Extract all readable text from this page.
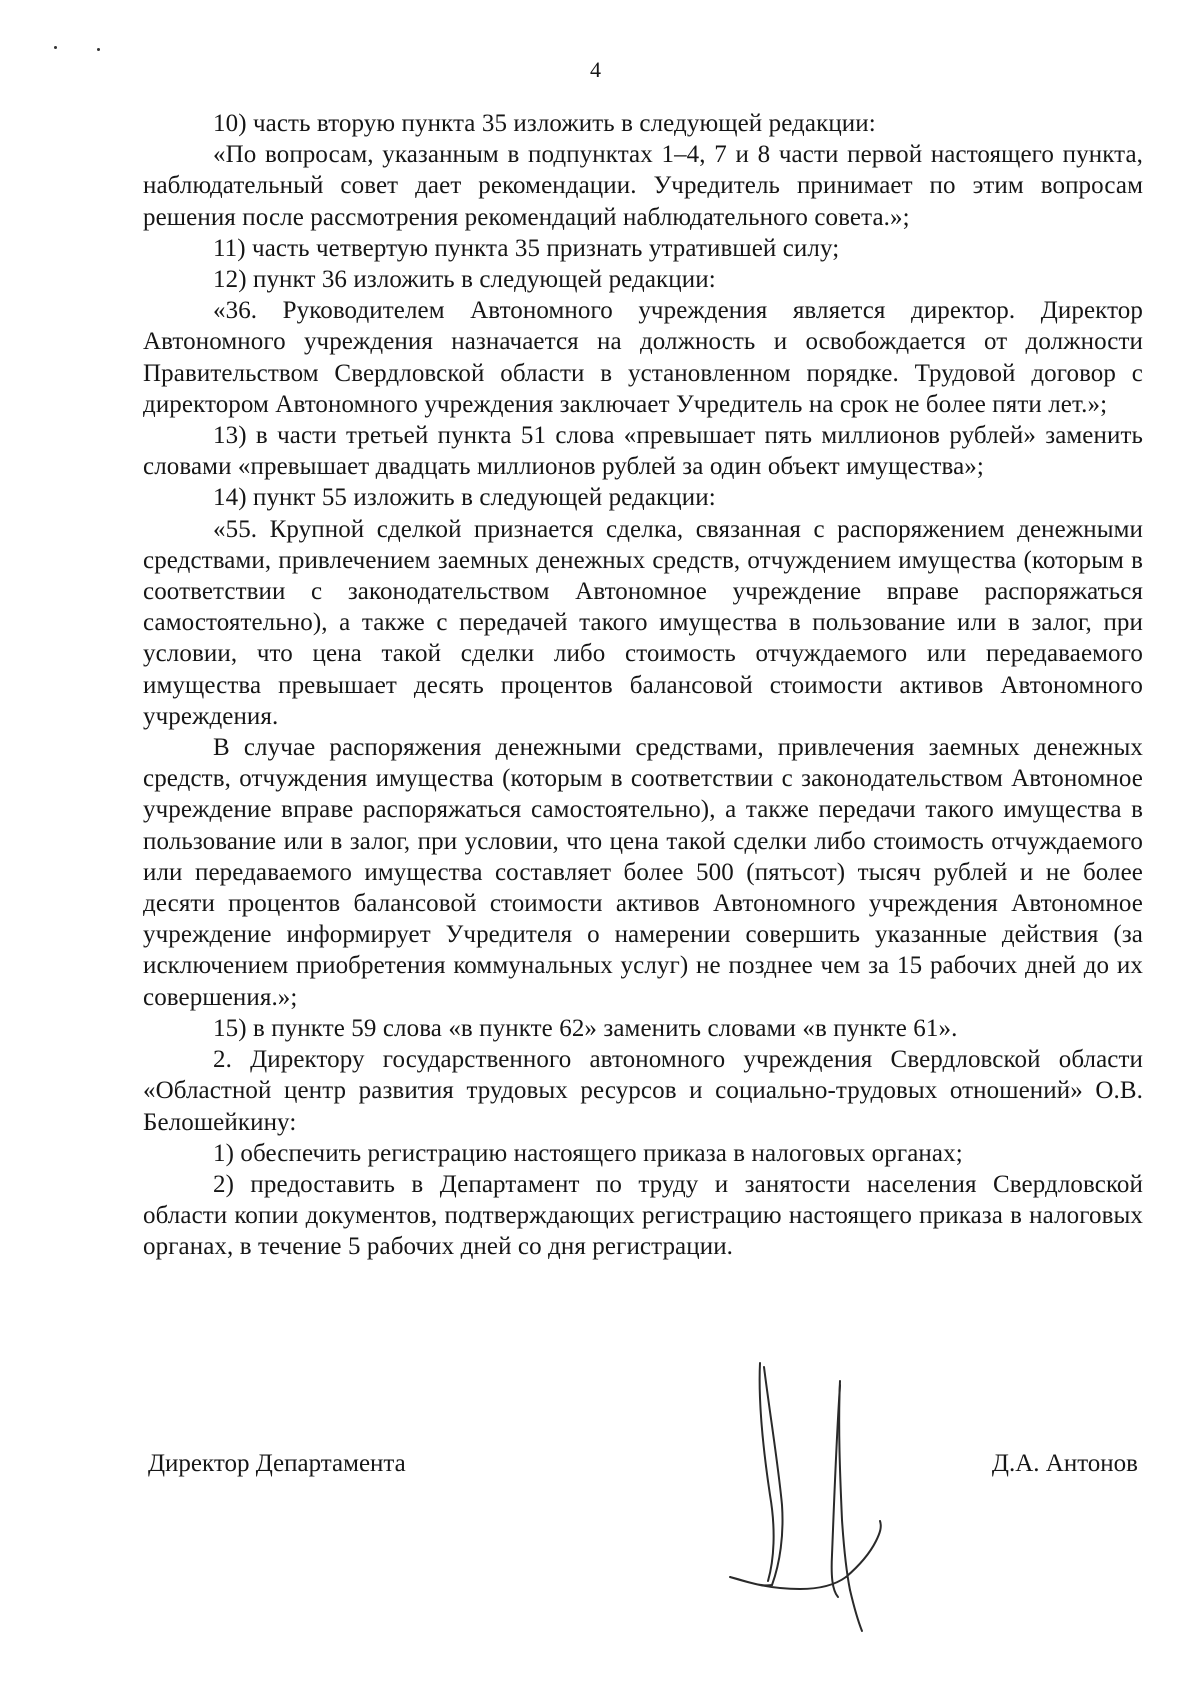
4

10) часть вторую пункта 35 изложить в следующей редакции:

«По вопросам, указанным в подпунктах 1–4, 7 и 8 части первой настоящего пункта, наблюдательный совет дает рекомендации. Учредитель принимает по этим вопросам решения после рассмотрения рекомендаций наблюдательного совета.»;

11) часть четвертую пункта 35 признать утратившей силу;

12) пункт 36 изложить в следующей редакции:

«36. Руководителем Автономного учреждения является директор. Директор Автономного учреждения назначается на должность и освобождается от должности Правительством Свердловской области в установленном порядке. Трудовой договор с директором Автономного учреждения заключает Учредитель на срок не более пяти лет.»;

13) в части третьей пункта 51 слова «превышает пять миллионов рублей» заменить словами «превышает двадцать миллионов рублей за один объект имущества»;

14) пункт 55 изложить в следующей редакции:

«55. Крупной сделкой признается сделка, связанная с распоряжением денежными средствами, привлечением заемных денежных средств, отчуждением имущества (которым в соответствии с законодательством Автономное учреждение вправе распоряжаться самостоятельно), а также с передачей такого имущества в пользование или в залог, при условии, что цена такой сделки либо стоимость отчуждаемого или передаваемого имущества превышает десять процентов балансовой стоимости активов Автономного учреждения.

В случае распоряжения денежными средствами, привлечения заемных денежных средств, отчуждения имущества (которым в соответствии с законодательством Автономное учреждение вправе распоряжаться самостоятельно), а также передачи такого имущества в пользование или в залог, при условии, что цена такой сделки либо стоимость отчуждаемого или передаваемого имущества составляет более 500 (пятьсот) тысяч рублей и не более десяти процентов балансовой стоимости активов Автономного учреждения Автономное учреждение информирует Учредителя о намерении совершить указанные действия (за исключением приобретения коммунальных услуг) не позднее чем за 15 рабочих дней до их совершения.»;

15) в пункте 59 слова «в пункте 62» заменить словами «в пункте 61».

2. Директору государственного автономного учреждения Свердловской области «Областной центр развития трудовых ресурсов и социально-трудовых отношений» О.В. Белошейкину:

1) обеспечить регистрацию настоящего приказа в налоговых органах;

2) предоставить в Департамент по труду и занятости населения Свердловской области копии документов, подтверждающих регистрацию настоящего приказа в налоговых органах, в течение 5 рабочих дней со дня регистрации.

Директор Департамента	Д.А. Антонов
